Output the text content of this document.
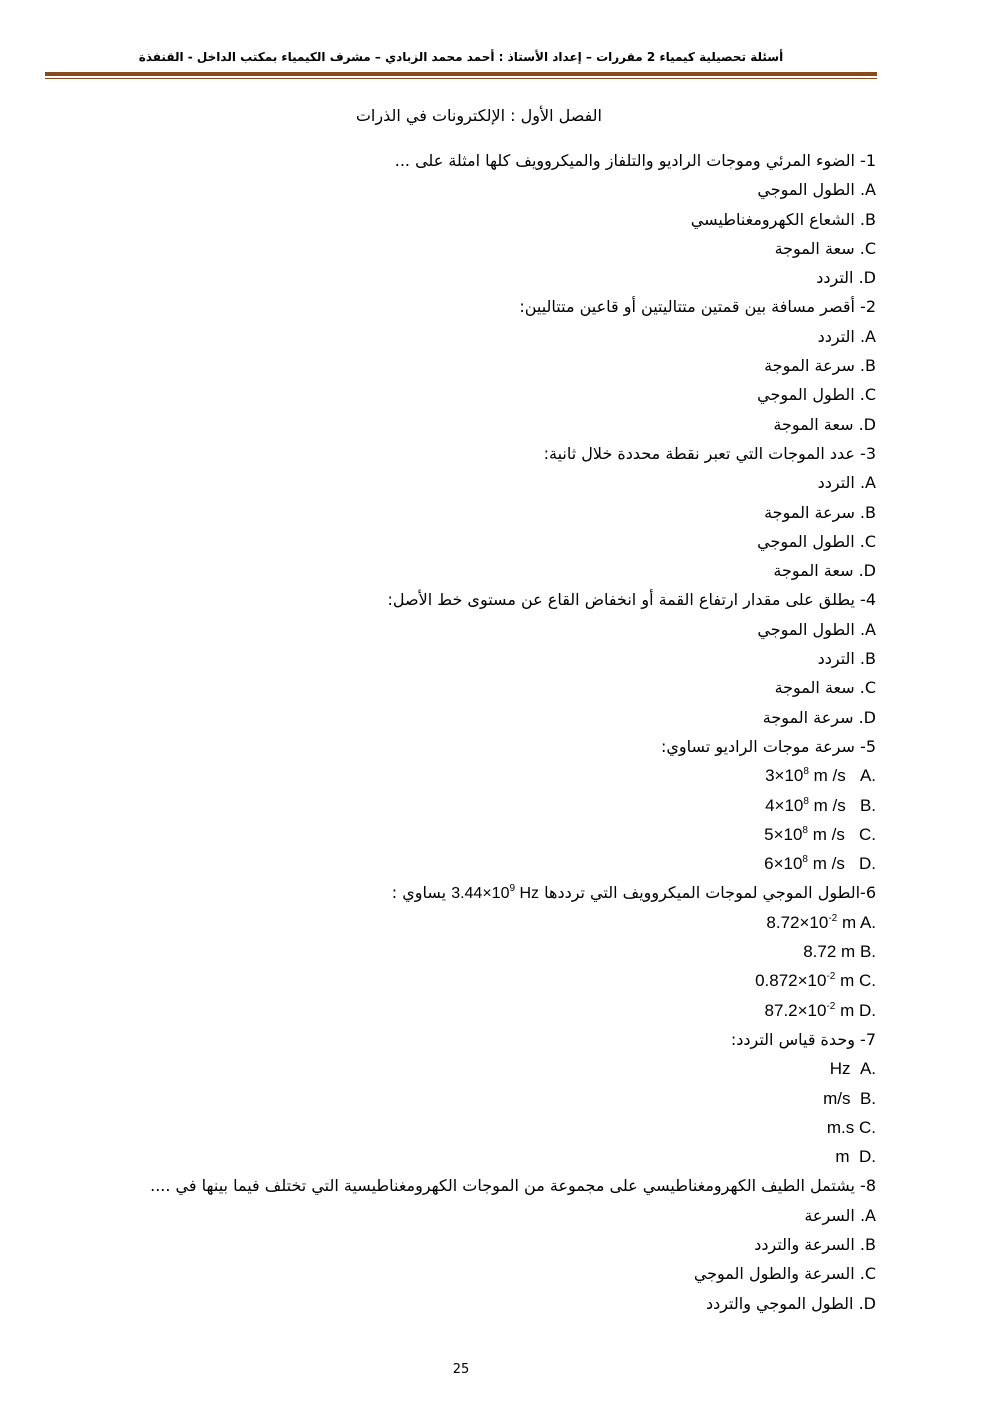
أسئلة تحصيلية كيمياء 2 مقررات – إعداد الأستاذ : أحمد محمد الزبادي – مشرف الكيمياء بمكتب الداخل - القنفذة
الفصل الأول : الإلكترونات في الذرات
1- الضوء المرئي وموجات الراديو والتلفاز والميكروويف كلها امثلة على ...
A. الطول الموجي
B. الشعاع الكهرومغناطيسي
C. سعة الموجة
D. التردد
2- أقصر مسافة بين قمتين متتاليتين أو قاعين متتاليين:
A. التردد
B. سرعة الموجة
C. الطول الموجي
D. سعة الموجة
3- عدد الموجات التي تعبر نقطة محددة خلال ثانية:
A. التردد
B. سرعة الموجة
C. الطول الموجي
D. سعة الموجة
4- يطلق على مقدار ارتفاع القمة أو انخفاض القاع عن مستوى خط الأصل:
A. الطول الموجي
B. التردد
C. سعة الموجة
D. سرعة الموجة
5- سرعة موجات الراديو تساوي:
$3\times 10^8$ m /s A.
$4\times 10^8$ m /s B.
$5\times 10^8$ m /s C.
$6\times 10^8$ m /s D.
6-الطول الموجي لموجات الميكروويف التي ترددها $3.44\times 10^9$ Hz يساوي :
$8.72\times 10^{-2}$ m A.
8.72 m B.
$0.872\times 10^{-2}$ m C.
$87.2\times 10^{-2}$ m D.
7- وحدة قياس التردد:
Hz A.
m/s B.
m.s C.
m D.
8- يشتمل الطيف الكهرومغناطيسي على مجموعة من الموجات الكهرومغناطيسية التي تختلف فيما بينها في ....
A. السرعة
B. السرعة والتردد
C. السرعة والطول الموجي
D. الطول الموجي والتردد
25
